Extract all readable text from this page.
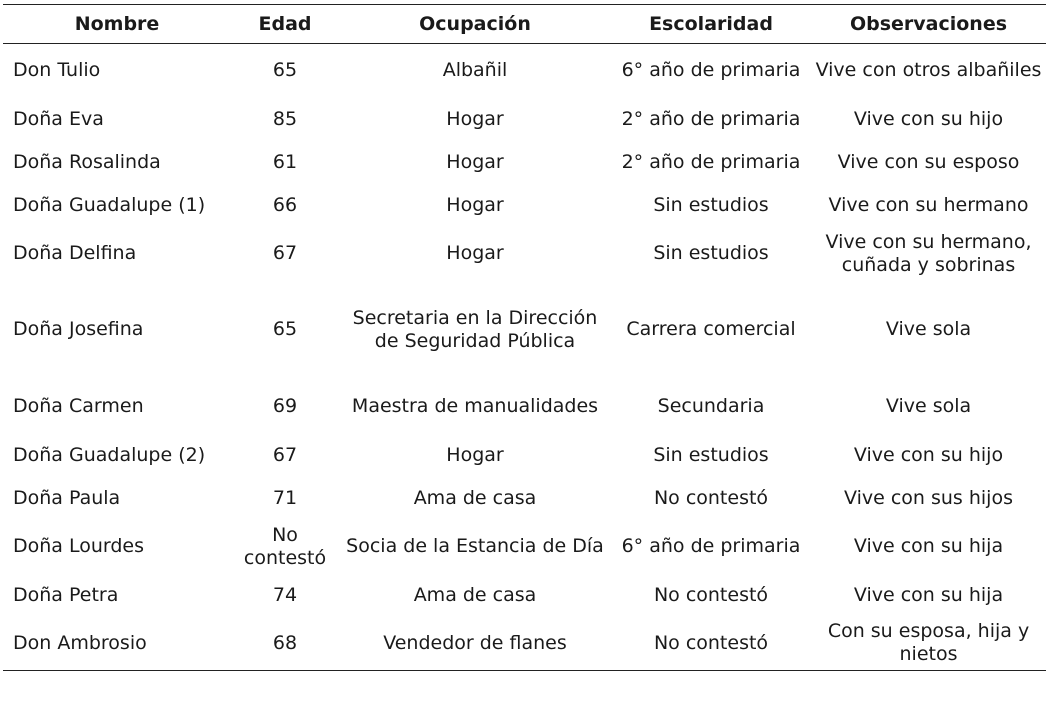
Nombre	Edad	Ocupación	Escolaridad	Observaciones
Don Tulio	65	Albañil	6° año de primaria	Vive con otros albañiles
Doña Eva	85	Hogar	2° año de primaria	Vive con su hijo
Doña Rosalinda	61	Hogar	2° año de primaria	Vive con su esposo
Doña Guadalupe (1)	66	Hogar	Sin estudios	Vive con su hermano
Doña Delfina	67	Hogar	Sin estudios	Vive con su hermano, cuñada y sobrinas
Doña Josefina	65	Secretaria en la Dirección de Seguridad Pública	Carrera comercial	Vive sola
Doña Carmen	69	Maestra de manualidades	Secundaria	Vive sola
Doña Guadalupe (2)	67	Hogar	Sin estudios	Vive con su hijo
Doña Paula	71	Ama de casa	No contestó	Vive con sus hijos
Doña Lourdes	No contestó	Socia de la Estancia de Día	6° año de primaria	Vive con su hija
Doña Petra	74	Ama de casa	No contestó	Vive con su hija
Don Ambrosio	68	Vendedor de flanes	No contestó	Con su esposa, hija y nietos
